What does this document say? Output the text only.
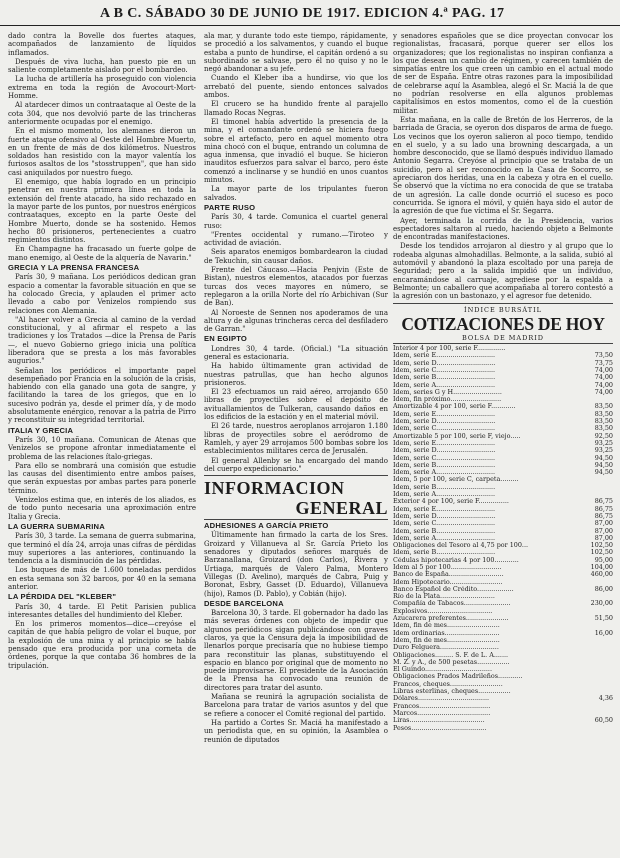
A B C. SÁBADO 30 DE JUNIO DE 1917. EDICION 4.ª PAG. 17

dado contra la Bovelle dos fuertes ataques, acompañados de lanzamiento de líquidos inflamados.

Después de viva lucha, han puesto pie en un saliente completamente aislado por el bombardeo.

La lucha de artillería ha proseguido con violencia extrema en toda la región de Avocourt-Mort-Homme.

Al atardecer dimos un contraataque al Oeste de la cota 304, que nos devolvió parte de las trincheras anteriormente ocupadas por el enemigo.

En el mismo momento, los alemanes dieron un fuerte ataque ofensivo al Oeste del Hombre Muerto, en un frente de más de dos kilómetros. Nuestros soldados han resistido con la mayor valentía los furiosos asaltos de los "stosstruppen", que han sido casi aniquilados por nuestro fuego.

El enemigo, que había logrado en un principio penetrar en nuestra primera línea en toda la extensión del frente atacado, ha sido rechazado en la mayor parte de los puntos, por nuestros enérgicos contraataques, excepto en la parte Oeste del Hombre Muerto, donde se ha sostenido. Hemos hecho 80 prisioneros, pertenecientes a cuatro regimientos distintos.

En Champagne ha fracasado un fuerte golpe de mano enemigo, al Oeste de la alquería de Navarin."

GRECIA Y LA PRENSA FRANCESA

París 30, 9 mañana. Los periódicos dedican gran espacio a comentar la favorable situación en que se ha colocado Grecia, y aplauden el primer acto llevado a cabo por Venizelos rompiendo sus relaciones con Alemania.

"Al hacer volver a Grecia al camino de la verdad constitucional, y al afirmar el respeto a las tradiciones y los Tratados —dice la Prensa de París—, el nuevo Gobierno griego inicia una política liberadora que se presta a los más favorables augurios."

Señalan los periódicos el importante papel desempeñado por Francia en la solución de la crisis, habiendo con ella ganado una gota de sangre, y facilitando la tarea de los griegos, que en lo sucesivo podrán ya, desde el primer día, y de modo absolutamente enérgico, renovar a la patria de Pirro y reconstituir su integridad territorial.

ITALIA Y GRECIA

París 30, 10 mañana. Comunican de Atenas que Venizelos se propone afrontar inmediatamente el problema de las relaciones ítalo-griegas.

Para ello se nombrará una comisión que estudie las causas del disentimiento entre ambos países, que serán expuestas por ambas partes para ponerle término.

Venizelos estima que, en interés de los aliados, es de todo punto necesaria una aproximación entre Italia y Grecia.

LA GUERRA SUBMARINA

París 30, 3 tarde. La semana de guerra submarina, que terminó el día 24, arroja unas cifras de pérdidas muy superiores a las anteriores, continuando la tendencia a la disminución de las pérdidas.

Los buques de más de 1.600 toneladas perdidos en esta semana son 32 barcos, por 40 en la semana anterior.

LA PÉRDIDA DEL "KLEBER"

París 30, 4 tarde. El Petit Parisien publica interesantes detalles del hundimiento del Kleber.

En los primeros momentos—dice—creyóse el capitán de que había peligro de volar el buque, por la explosión de una mina y al principio se había pensado que era producida por una corneta de órdenes, porque la que contaba 36 hombres de la tripulación.

ala mar, y durante todo este tiempo, rápidamente, se procedió a los salvamentos, y cuando el buque estaba a punto de hundirse, el capitán ordenó a su subordinado se salvase, pero él no quiso y no le negó abandonar a su jefe.

Cuando el Kleber iba a hundirse, vio que los arrebató del puente, siendo entonces salvados ambos.

El crucero se ha hundido frente al parajello llamado Rocas Negras.

El timonel había advertido la presencia de la mina, y el comandante ordenó se hiciera fuego sobre el artefacto, pero en aquel momento otra mina chocó con el buque, entrando un columna de agua inmensa, que invadió el buque. Se hicieron inauditos esfuerzos para salvar el barco, pero éste comenzó a inclinarse y se hundió en unos cuantos minutos.

La mayor parte de los tripulantes fueron salvados.

PARTE RUSO

París 30, 4 tarde. Comunica el cuartel general ruso:

"Frentes occidental y rumano.—Tiroteo y actividad de aviación.

Seis aparatos enemigos bombardearon la ciudad de Tekuchin, sin causar daños.

Frente del Cáucaso.—Hacia Penjvin (Este de Bistan), nuestros elementos, atacados por fuerzas turcas dos veces mayores en número, se replegaron a la orilla Norte del río Arbichivan (Sur de Ban).

Al Noroeste de Sennen nos apoderamos de una altura y de algunas trincheras cerca del desfiladero de Garran."

EN EGIPTO

Londres 30, 4 tarde. (Oficial.) "La situación general es estacionaria.

Ha habido últimamente gran actividad de nuestras patrullas, que han hecho algunos prisioneros.

El 23 efectuamos un raid aéreo, arrojando 650 libras de proyectiles sobre el depósito de avituallamientos de Tulkeran, causando daños en los edificios de la estación y en el material móvil.

El 26 tarde, nuestros aeroplanos arrojaron 1.180 libras de proyectiles sobre el aeródromo de Ramleh, y ayer 29 arrojamos 500 bombas sobre los establecimientos militares cerca de Jerusalén.

El general Allenby se ha encargado del mando del cuerpo expedicionario."

INFORMACION
GENERAL
ADHESIONES A GARCÍA PRIETO

Últimamente han firmado la carta de los Sres. Groizard y Villanueva al Sr. García Prieto los senadores y diputados señores marqués de Barzanallana, Groizard (don Carlos), Rivera y Urtiaga, marqués de Valero Palma, Montero Villegas (D. Avelino), marqués de Cabra, Puig y Boronat, Esbry, Gasset (D. Eduardo), Villanueva (hijo), Ramos (D. Pablo), y Cobián (hijo).

DESDE BARCELONA

Barcelona 30, 3 tarde. El gobernador ha dado las más severas órdenes con objeto de impedir que algunos periódicos sigan publicándose con graves claros, ya que la Censura deja la imposibilidad de llenarlos porque precisaría que no hubiese tiempo para reconstituir las planas, substituyendo el espacio en blanco por original que de momento no puede improvisarse. El presidente de la Asociación de la Prensa ha convocado una reunión de directores para tratar del asunto.

Mañana se reunirá la agrupación socialista de Barcelona para tratar de varios asuntos y del que se refiere a conocer el Comité regional del partido.

Ha partido a Cortes Sr. Maciá ha manifestado a un periodista que, en su opinión, la Asamblea o reunión de diputados

y senadores españoles que se dice proyectan convocar los regionalistas, fracasará, porque querer ser ellos los organizadores; que los regionalistas no inspiran confianza a los que desean un cambio de régimen, y carecen también de simpatías entre los que creen un cambio en el actual modo de ser de España. Entre otras razones para la imposibilidad de celebrarse aquí la Asamblea, alegó el Sr. Maciá la de que no podrían resolverse en ella algunos problemas capitalísimos en estos momentos, como el de la cuestión militar.

Esta mañana, en la calle de Bretón de los Herreros, de la barriada de Gracia, se oyeron dos disparos de arma de fuego. Los vecinos que los oyeron salieron al poco tiempo, tendido en el suelo, y a su lado una browning descargada, a un hombre desconocido, que se llamó después individuo llamado Antonio Segarra. Creyóse al principio que se trataba de un suicidio, pero al ser reconocido en la Casa de Socorro, se apreciaron dos heridas, una en la cabeza y otra en el cuello. Se observó que la víctima no era conocida de que se trataba de un agresión. La calle donde ocurrió el suceso es poco concurrida. Se ignora el móvil, y quién haya sido el autor de la agresión de que fue víctima el Sr. Segarra.

Ayer, terminada la corrida de la Presidencia, varios espectadores saltaron al ruedo, haciendo objeto a Belmonte de encontradas manifestaciones.

Desde los tendidos arrojaron al diestro y al grupo que lo rodeaba algunas almohadillas. Belmonte, a la salida, subió al automóvil y abandonó la plaza escoltado por una pareja de Seguridad; pero a la salida impidió que un individuo, encaramándose al carruaje, agrediese por la espalda a Belmonte; un caballero que acompañaba al torero contestó a la agresión con un bastonazo, y el agresor fue detenido.

ÍNDICE BURSÁTIL
COTIZACIONES DE HOY
BOLSA DE MADRID
Interior 4 por 100, serie F..............	
Idem, serie E.............................	73,50
Idem, serie D.............................	73,75
Idem, serie C.............................	74,00
Idem, serie B.............................	74,00
Idem, serie A.............................	74,00
Idem, series G y H........................	74,00
Idem, fin próximo.........................	
Amortizable 4 por 100, serie F............	83,50
Idem, serie E.............................	83,50
Idem, serie D.............................	83,50
Idem, serie C.............................	83,50
Amortizable 5 por 100, serie F, viejo.....	92,50
Idem, serie E.............................	93,25
Idem, serie D.............................	93,25
Idem, serie C.............................	94,50
Idem, serie B.............................	94,50
Idem, serie A.............................	94,50
Idem, 5 por 100, serie C, carpeta.........	
Idem, serie B.............................	
Idem, serie A.............................	
Exterior 4 por 100, serie F...............	86,75
Idem, serie E.............................	86,75
Idem, serie D.............................	86,75
Idem, serie C.............................	87,00
Idem, serie B.............................	87,00
Idem, serie A.............................	87,00
Obligaciones del Tesoro al 4,75 por 100...	102,50
Idem, serie B.............................	102,50
Cédulas hipotecarias 4 por 100............	95,00
Idem al 5 por 100.........................	104,00
Banco de España...........................	460,00
Idem Hipotecario..........................	
Banco Español de Crédito..................	86,00
Río de la Plata...........................	
Compañía de Tabacos.......................	230,00
Explosivos................................	
Azucarera preferentes.....................	51,50
Idem, fin de mes..........................	
Idem ordinarias...........................	16,00
Idem, fin de mes..........................	
Duro Felguera.............................	
Obligaciones......... S. F. de L. A.......	
M. Z. y A., de 500 pesetas................	
El Guindo.................................	
Obligaciones Prados Madrileños............	
Francos, cheques..........................	
Libras esterlinas, cheques................	
Dólares...................................	4,36
Francos...................................	
Marcos....................................	
Liras.....................................	60,50
Pesos.....................................	
